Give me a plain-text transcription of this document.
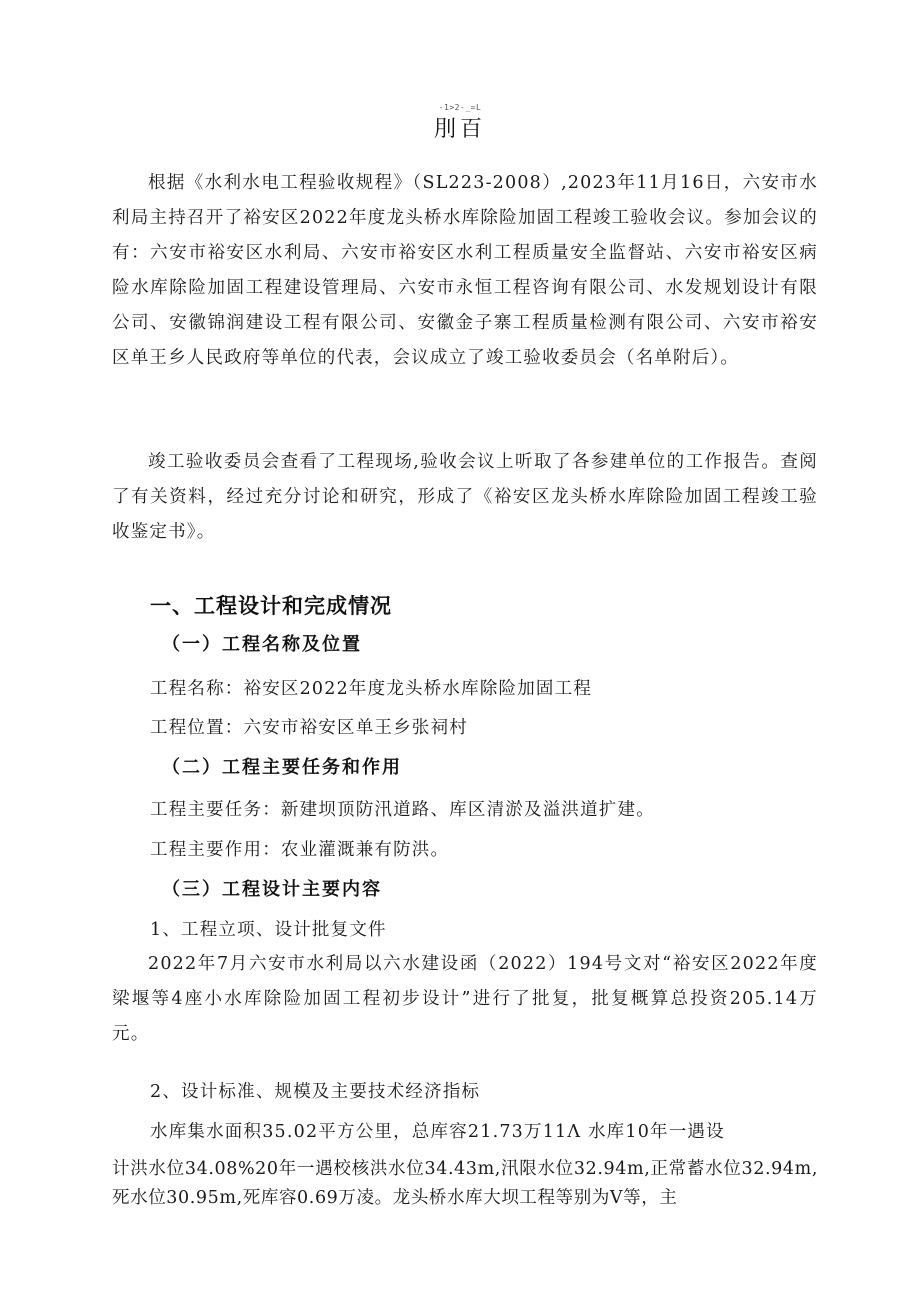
-1>2-_=L
刖百

根据《水利水电工程验收规程》（SL223-2008）,2023年11月16日，六安市水利局主持召开了裕安区2022年度龙头桥水库除险加固工程竣工验收会议。参加会议的有：六安市裕安区水利局、六安市裕安区水利工程质量安全监督站、六安市裕安区病险水库除险加固工程建设管理局、六安市永恒工程咨询有限公司、水发规划设计有限公司、安徽锦润建设工程有限公司、安徽金子寨工程质量检测有限公司、六安市裕安区单王乡人民政府等单位的代表，会议成立了竣工验收委员会（名单附后）。

竣工验收委员会查看了工程现场,验收会议上听取了各参建单位的工作报告。查阅了有关资料，经过充分讨论和研究，形成了《裕安区龙头桥水库除险加固工程竣工验收鉴定书》。

一、工程设计和完成情况
（一）工程名称及位置
工程名称：裕安区2022年度龙头桥水库除险加固工程
工程位置：六安市裕安区单王乡张祠村
（二）工程主要任务和作用
工程主要任务：新建坝顶防汛道路、库区清淤及溢洪道扩建。
工程主要作用：农业灌溉兼有防洪。
（三）工程设计主要内容
1、工程立项、设计批复文件

2022年7月六安市水利局以六水建设函（2022）194号文对“裕安区2022年度梁堰等4座小水库除险加固工程初步设计”进行了批复，批复概算总投资205.14万元。

2、设计标准、规模及主要技术经济指标
水库集水面积35.02平方公里，总库容21.73万11Λ 水库10年一遇设

计洪水位34.08%20年一遇校核洪水位34.43m,汛限水位32.94m,正常蓄水位32.94m,死水位30.95m,死库容0.69万凌。龙头桥水库大坝工程等别为Ⅴ等，主
